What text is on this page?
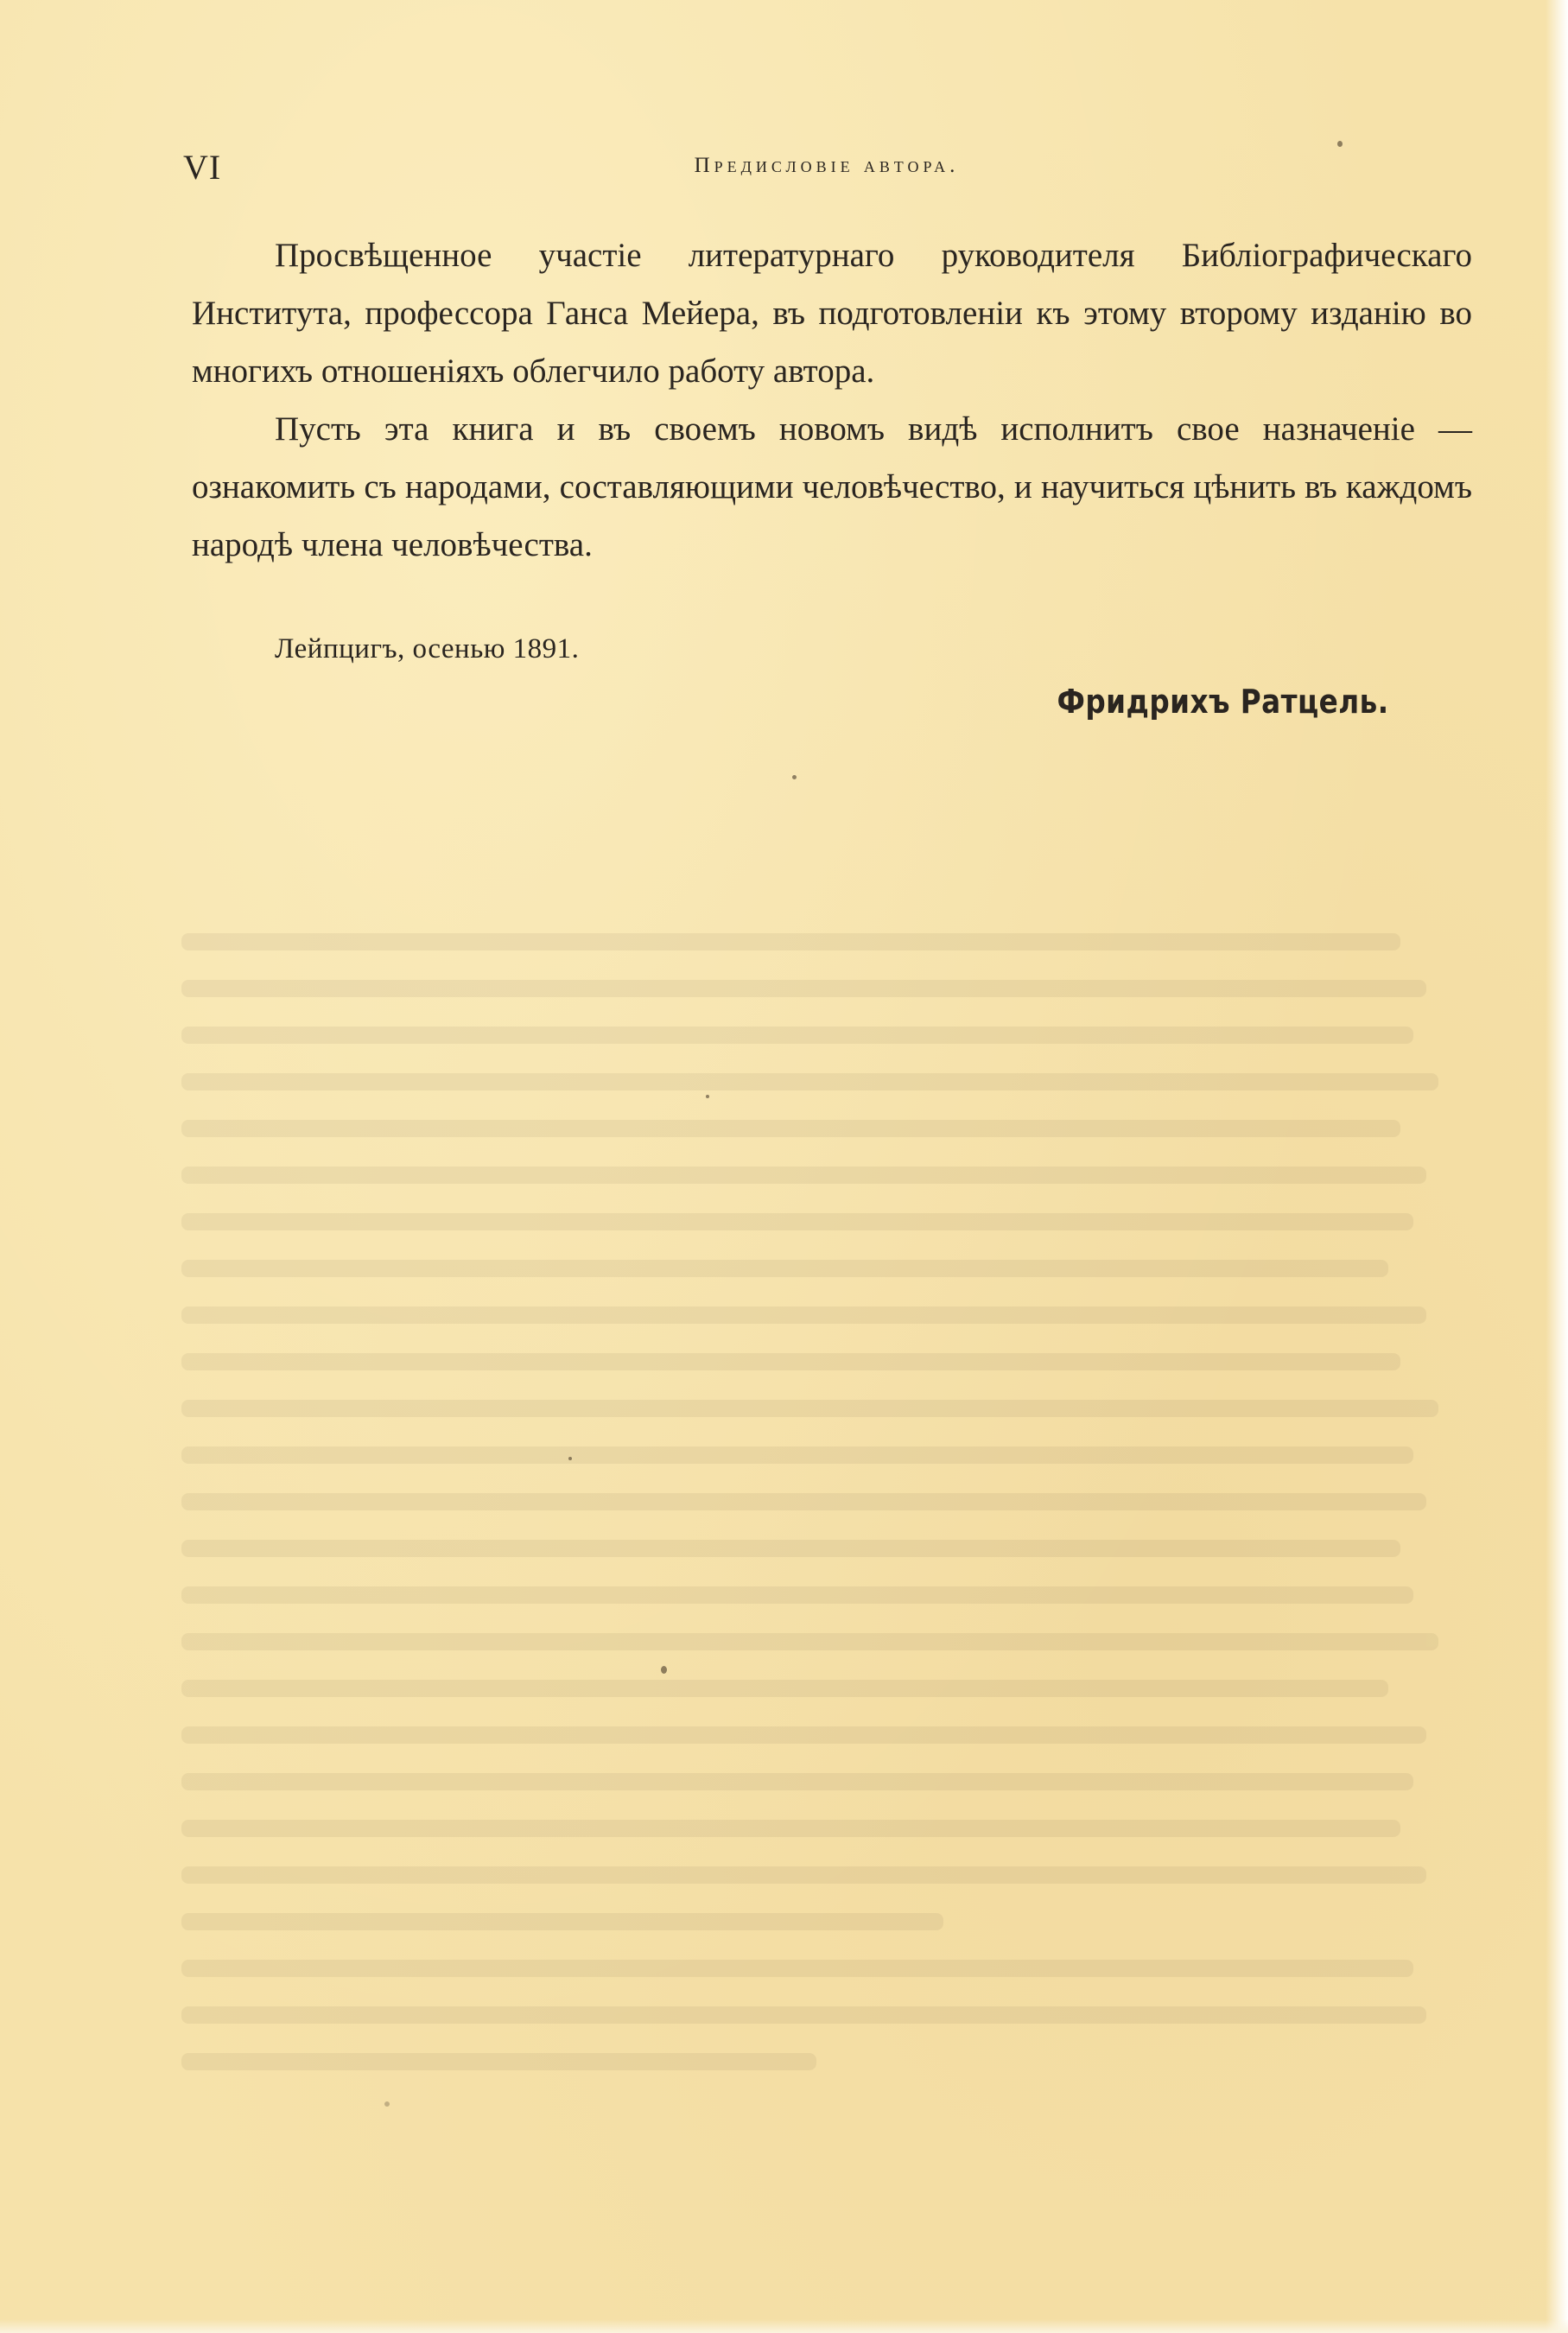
VI	Предисловіе автора.

Просвѣщенное участіе литературнаго руководителя Библіографическаго Института, профессора Ганса Мейера, въ подготовленіи къ этому второму изданію во многихъ отношеніяхъ облегчило работу автора.

Пусть эта книга и въ своемъ новомъ видѣ исполнитъ свое назначеніе — ознакомить съ народами, составляющими человѣчество, и научиться цѣнить въ каждомъ народѣ члена человѣчества.

Лейпцигъ, осенью 1891.
Фридрихъ Ратцель.
